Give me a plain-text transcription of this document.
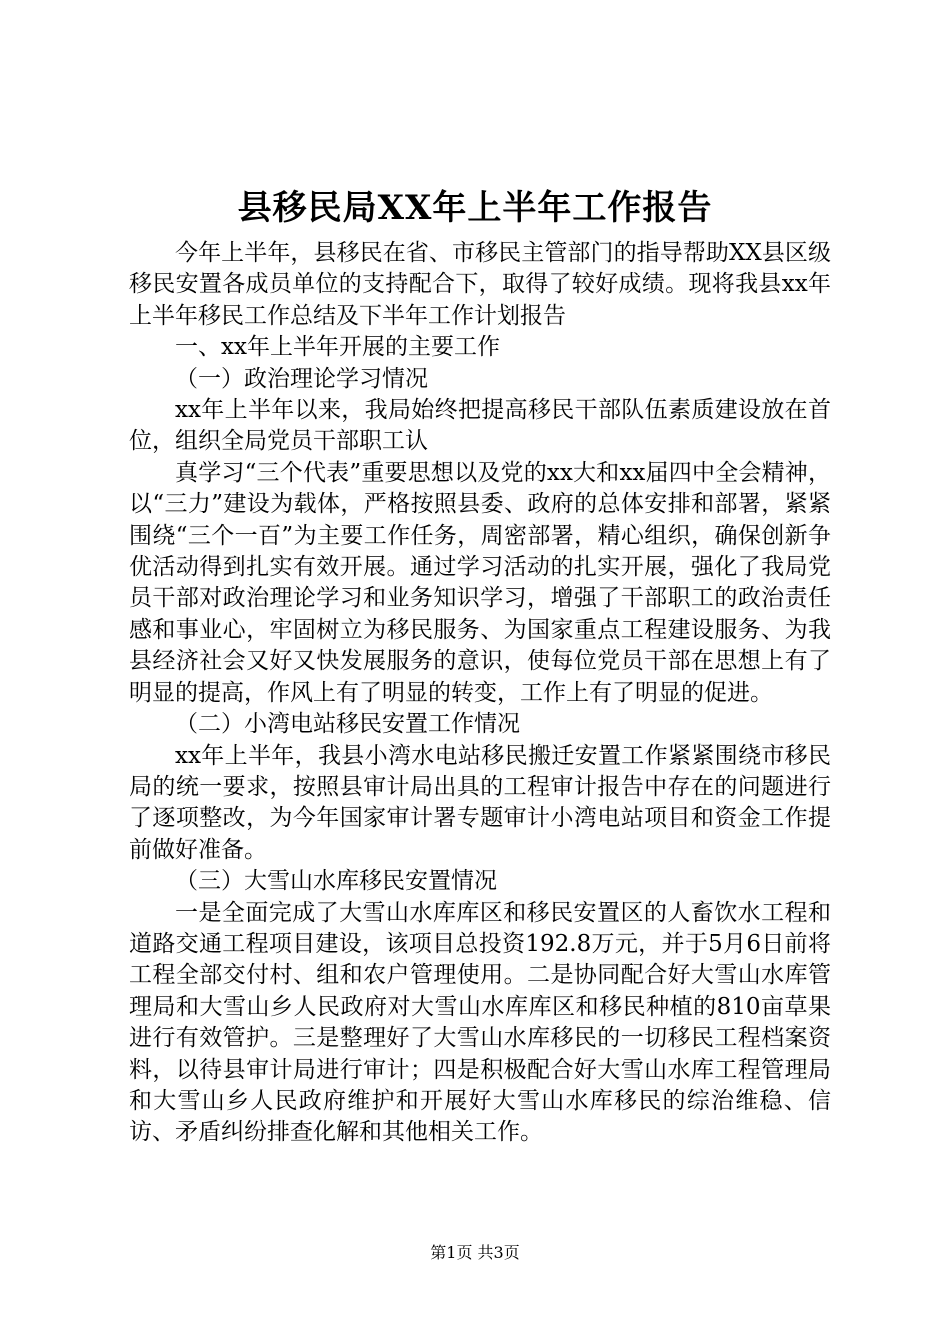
县移民局XX年上半年工作报告

今年上半年，县移民在省、市移民主管部门的指导帮助XX县区级移民安置各成员单位的支持配合下，取得了较好成绩。现将我县xx年上半年移民工作总结及下半年工作计划报告

一、xx年上半年开展的主要工作

（一）政治理论学习情况

xx年上半年以来，我局始终把提高移民干部队伍素质建设放在首位，组织全局党员干部职工认

真学习“三个代表”重要思想以及党的xx大和xx届四中全会精神，以“三力”建设为载体，严格按照县委、政府的总体安排和部署，紧紧围绕“三个一百”为主要工作任务，周密部署，精心组织，确保创新争优活动得到扎实有效开展。通过学习活动的扎实开展，强化了我局党员干部对政治理论学习和业务知识学习，增强了干部职工的政治责任感和事业心，牢固树立为移民服务、为国家重点工程建设服务、为我县经济社会又好又快发展服务的意识，使每位党员干部在思想上有了明显的提高，作风上有了明显的转变，工作上有了明显的促进。

（二）小湾电站移民安置工作情况

xx年上半年，我县小湾水电站移民搬迁安置工作紧紧围绕市移民局的统一要求，按照县审计局出具的工程审计报告中存在的问题进行了逐项整改，为今年国家审计署专题审计小湾电站项目和资金工作提前做好准备。

（三）大雪山水库移民安置情况

一是全面完成了大雪山水库库区和移民安置区的人畜饮水工程和道路交通工程项目建设，该项目总投资192.8万元，并于5月6日前将工程全部交付村、组和农户管理使用。二是协同配合好大雪山水库管理局和大雪山乡人民政府对大雪山水库库区和移民种植的810亩草果进行有效管护。三是整理好了大雪山水库移民的一切移民工程档案资料，以待县审计局进行审计；四是积极配合好大雪山水库工程管理局和大雪山乡人民政府维护和开展好大雪山水库移民的综治维稳、信访、矛盾纠纷排查化解和其他相关工作。

第1页 共3页
